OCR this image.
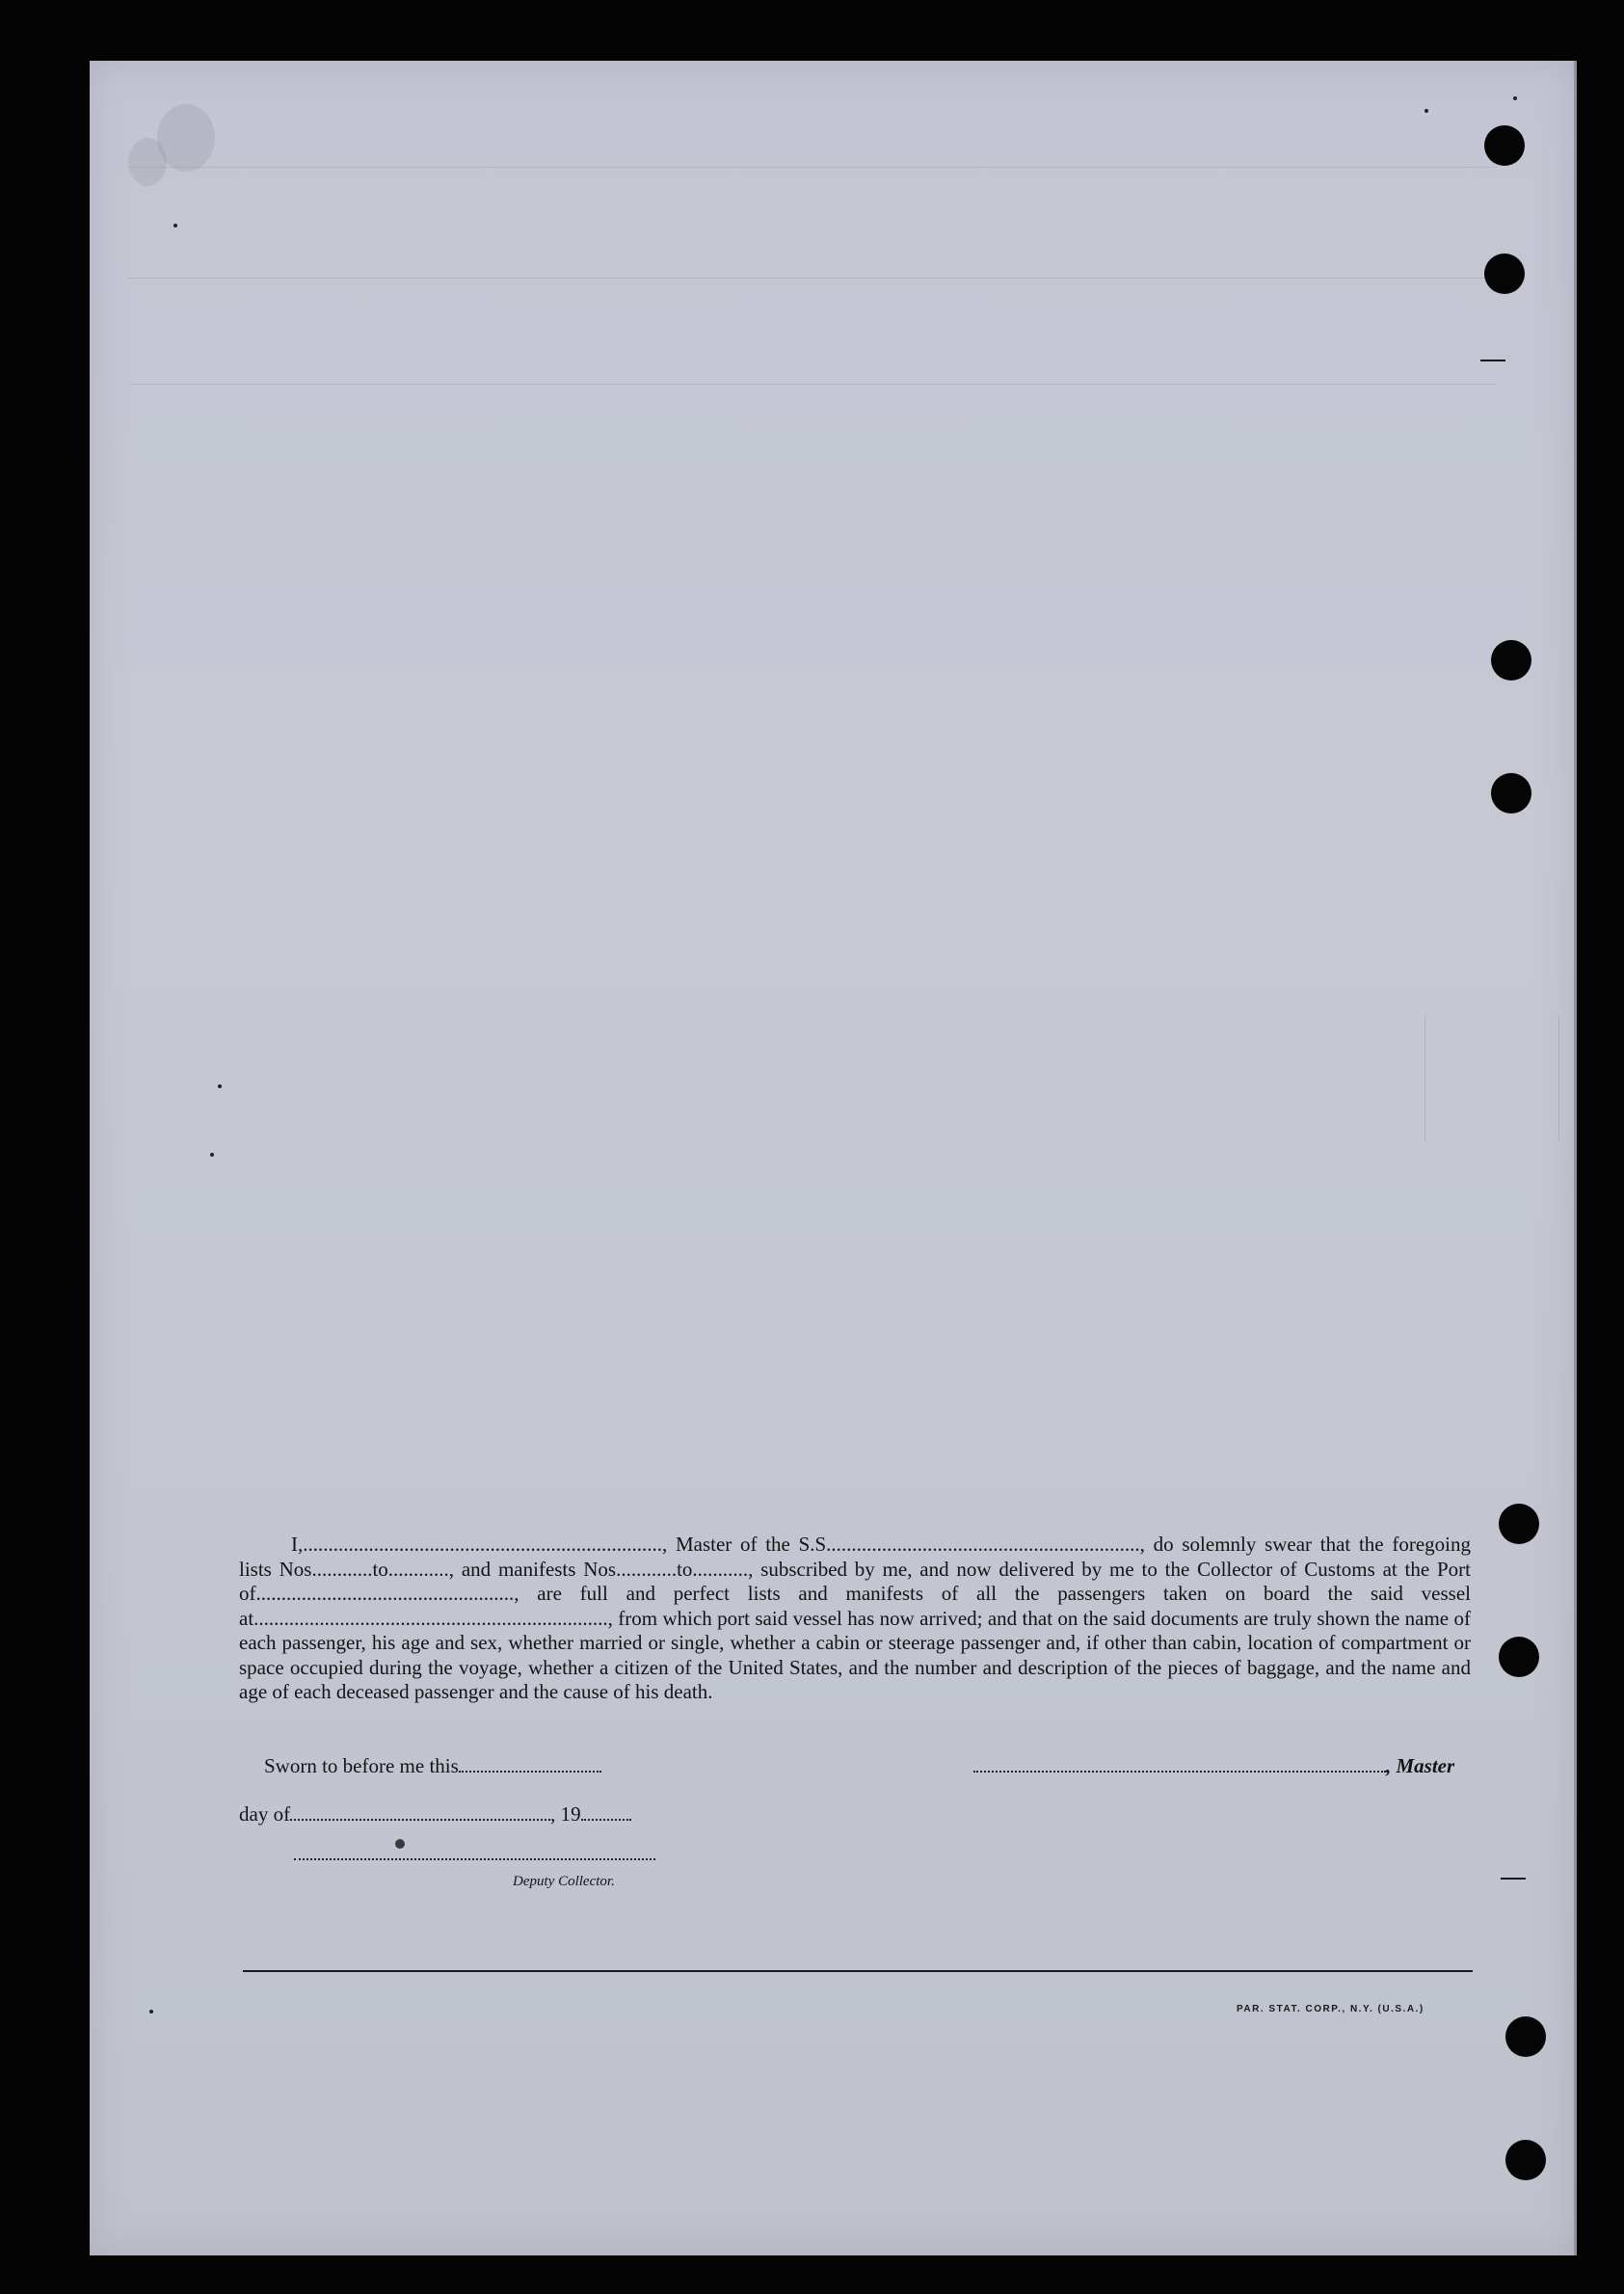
I,......................................................................., Master of the S.S.............................................................., do solemnly swear that the foregoing lists Nos............to............, and manifests Nos............to..........., subscribed by me, and now delivered by me to the Collector of Customs at the Port of..................................................., are full and perfect lists and manifests of all the passengers taken on board the said vessel at......................................................................, from which port said vessel has now arrived; and that on the said documents are truly shown the name of each passenger, his age and sex, whether married or single, whether a cabin or steerage passenger and, if other than cabin, location of compartment or space occupied during the voyage, whether a citizen of the United States, and the number and description of the pieces of baggage, and the name and age of each deceased passenger and the cause of his death.
Sworn to before me this	, Master
day of	, 19
Deputy Collector.
PAR. STAT. CORP., N.Y. (U.S.A.)
